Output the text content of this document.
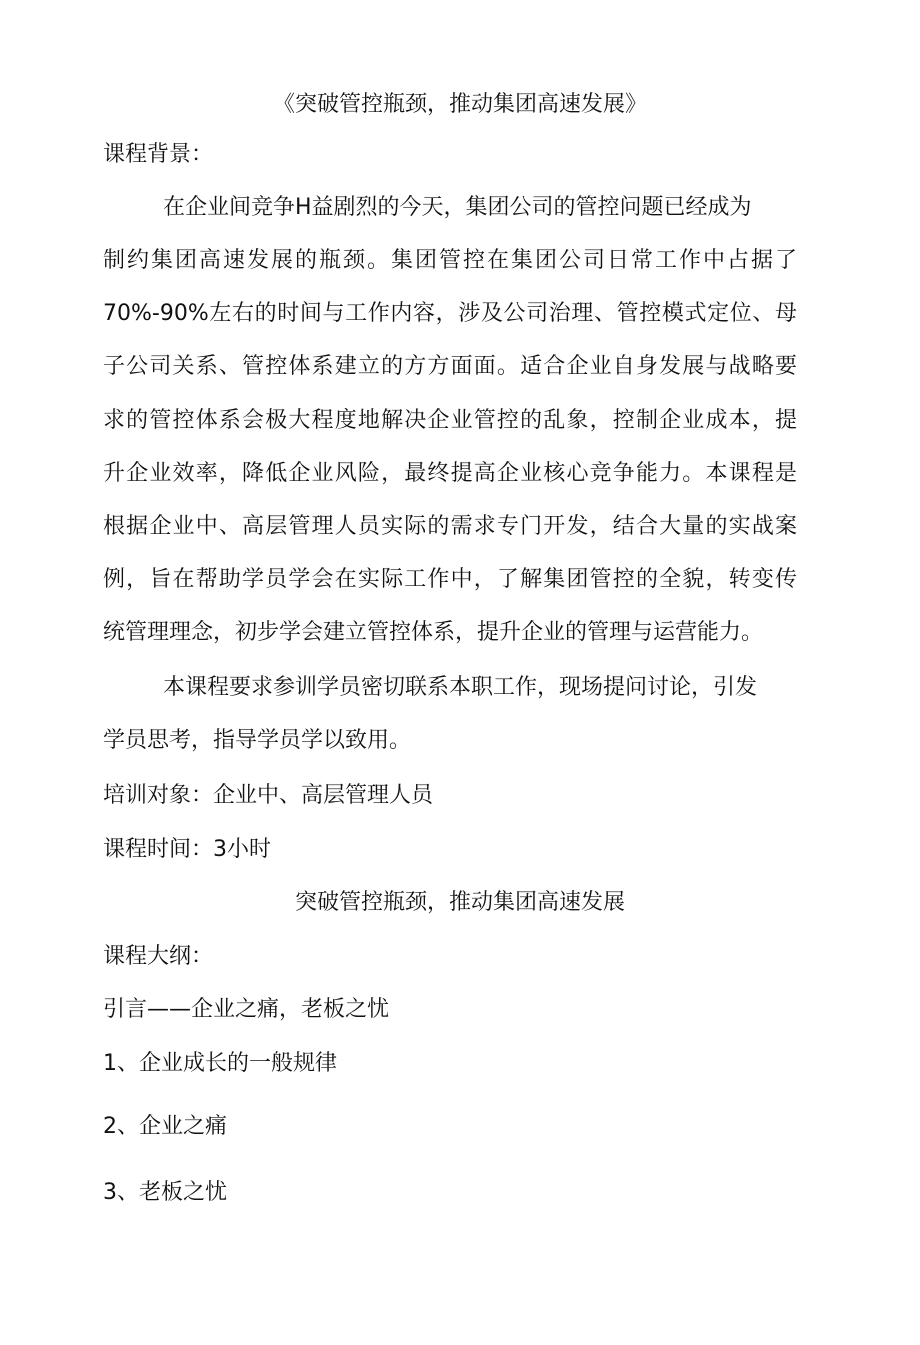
《突破管控瓶颈，推动集团高速发展》
课程背景：
在企业间竞争H益剧烈的今天，集团公司的管控问题已经成为
制约集团高速发展的瓶颈。集团管控在集团公司日常工作中占据了
70%-90%左右的时间与工作内容，涉及公司治理、管控模式定位、母
子公司关系、管控体系建立的方方面面。适合企业自身发展与战略要
求的管控体系会极大程度地解决企业管控的乱象，控制企业成本，提
升企业效率，降低企业风险，最终提高企业核心竞争能力。本课程是
根据企业中、高层管理人员实际的需求专门开发，结合大量的实战案
例，旨在帮助学员学会在实际工作中，了解集团管控的全貌，转变传
统管理理念，初步学会建立管控体系，提升企业的管理与运营能力。
本课程要求参训学员密切联系本职工作，现场提问讨论，引发
学员思考，指导学员学以致用。
培训对象：企业中、高层管理人员
课程时间：3小时
突破管控瓶颈，推动集团高速发展
课程大纲：
引言——企业之痛，老板之忧
1、企业成长的一般规律
2、企业之痛
3、老板之忧
